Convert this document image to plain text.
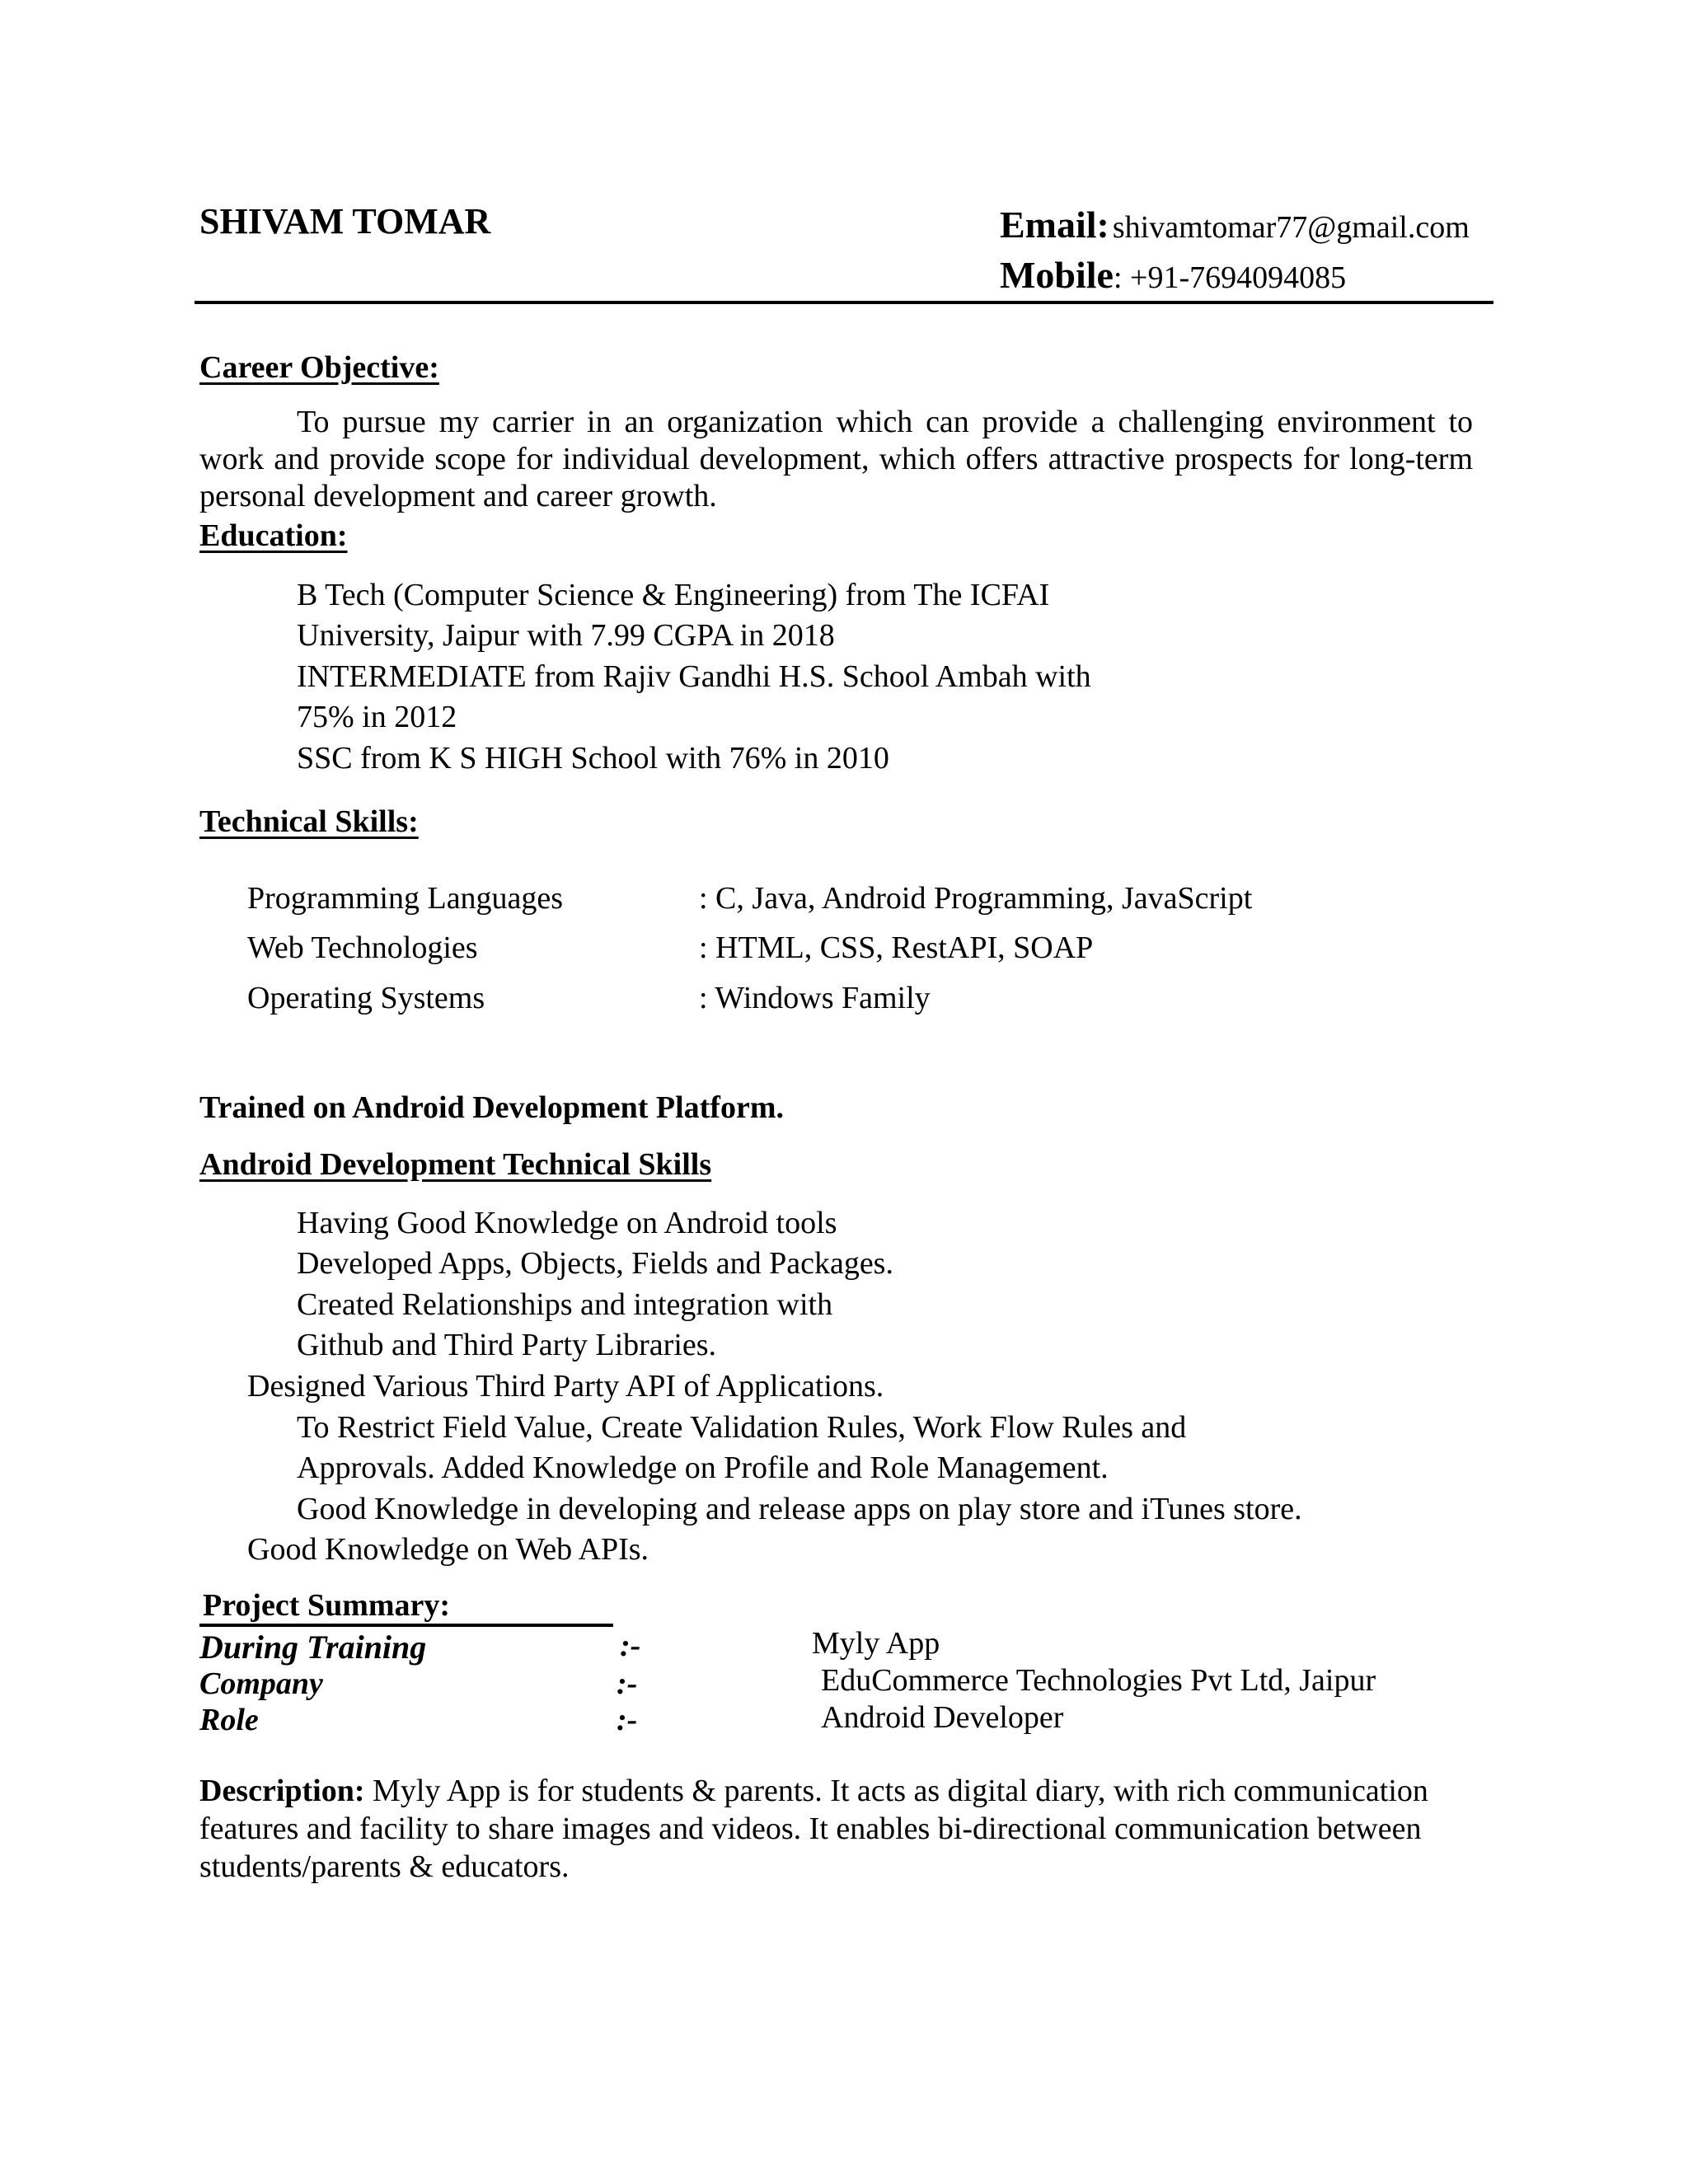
SHIVAM TOMAR	Email: shivamtomar77@gmail.com
Mobile: +91-7694094085
Career Objective:
To pursue my carrier in an organization which can provide a challenging environment to work and provide scope for individual development, which offers attractive prospects for long-term personal development and career growth.
Education:
B Tech (Computer Science & Engineering) from The ICFAI
University, Jaipur with 7.99 CGPA in 2018
INTERMEDIATE from Rajiv Gandhi H.S. School Ambah with
75% in 2012
SSC from K S HIGH School with 76% in 2010
Technical Skills:
Programming Languages	: C, Java, Android Programming, JavaScript
Web Technologies	: HTML, CSS, RestAPI, SOAP
Operating Systems	: Windows Family
Trained on Android Development Platform.
Android Development Technical Skills
Having Good Knowledge on Android tools
Developed Apps, Objects, Fields and Packages.
Created Relationships and integration with
Github and Third Party Libraries.
Designed Various Third Party API of Applications.
To Restrict Field Value, Create Validation Rules, Work Flow Rules and
Approvals. Added Knowledge on Profile and Role Management.
Good Knowledge in developing and release apps on play store and iTunes store.
Good Knowledge on Web APIs.
Project Summary:
During Training	:-	Myly App
Company	:-	EduCommerce Technologies Pvt Ltd, Jaipur
Role	:-	Android Developer
Description: Myly App is for students & parents. It acts as digital diary, with rich communication features and facility to share images and videos. It enables bi-directional communication between students/parents & educators.
